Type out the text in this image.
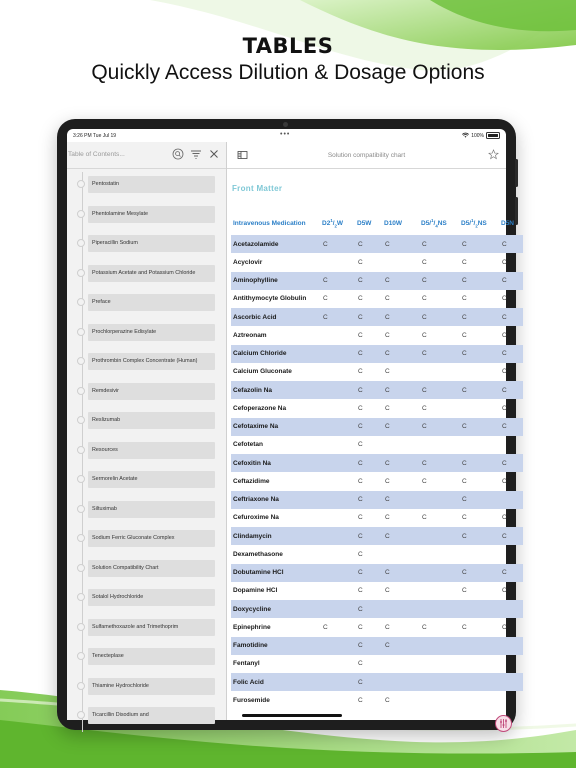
TABLES
Quickly Access Dilution & Dosage Options
3:26 PM Tue Jul 19	•••	100%
Table of Contents...
Pentostatin
Phentolamine Mesylate
Piperacillin Sodium
Potassium Acetate and Potassium Chloride
Preface
Prochlorperazine Edisylate
Prothrombin Complex Concentrate (Human)
Remdesivir
Reslizumab
Resources
Sermorelin Acetate
Siltuximab
Sodium Ferric Gluconate Complex
Solution Compatibility Chart
Sotalol Hydrochloride
Sulfamethoxazole and Trimethoprim
Tenecteplase
Thiamine Hydrochloride
Ticarcillin Disodium and
Solution compatibility chart
Front Matter
Intravenous Medication	$D2^1/_2W$	D5W	D10W	$D5/^1/_4NS$	$D5/^1/_2NS$	D5N
Acetazolamide	C	C	C	C	C	C
Acyclovir		C		C	C	C
Aminophylline	C	C	C	C	C	C
Antithymocyte Globulin	C	C	C	C	C	C
Ascorbic Acid	C	C	C	C	C	C
Aztreonam		C	C	C	C	C
Calcium Chloride		C	C	C	C	C
Calcium Gluconate		C	C			C
Cefazolin Na		C	C	C	C	C
Cefoperazone Na		C	C	C		C
Cefotaxime Na		C	C	C	C	C
Cefotetan		C				
Cefoxitin Na		C	C	C	C	C
Ceftazidime		C	C	C	C	C
Ceftriaxone Na		C	C		C	
Cefuroxime Na		C	C	C	C	C
Clindamycin		C	C		C	C
Dexamethasone		C				
Dobutamine HCl		C	C		C	C
Dopamine HCl		C	C		C	C
Doxycycline		C				
Epinephrine	C	C	C	C	C	C
Famotidine		C	C			
Fentanyl		C				
Folic Acid		C				
Furosemide		C	C			
